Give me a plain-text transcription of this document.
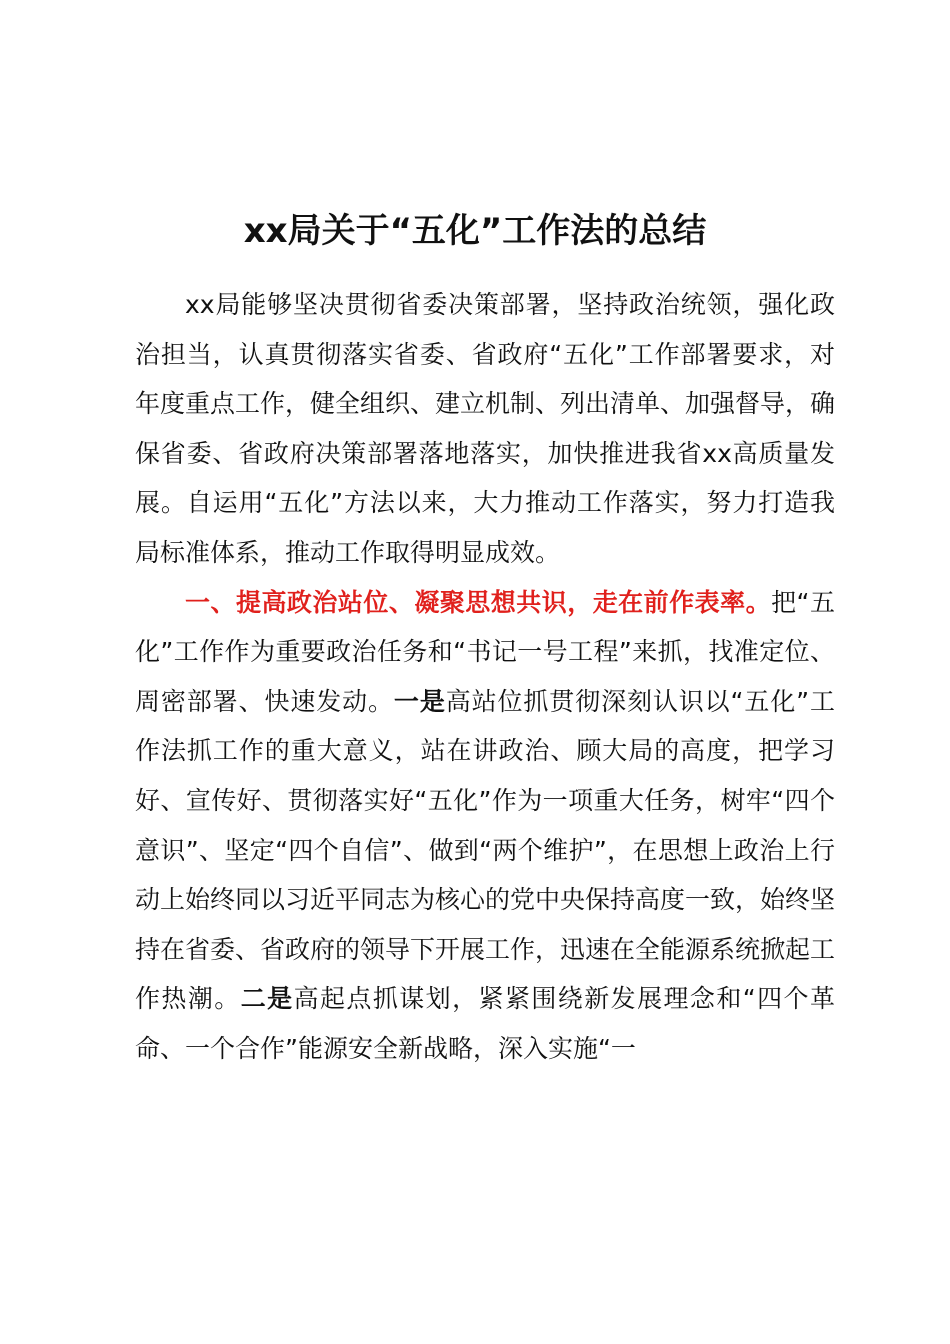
xx局关于“五化”工作法的总结

xx局能够坚决贯彻省委决策部署，坚持政治统领，强化政治担当，认真贯彻落实省委、省政府“五化”工作部署要求，对年度重点工作，健全组织、建立机制、列出清单、加强督导，确保省委、省政府决策部署落地落实，加快推进我省xx高质量发展。自运用“五化”方法以来，大力推动工作落实，努力打造我局标准体系，推动工作取得明显成效。

一、提高政治站位、凝聚思想共识，走在前作表率。把“五化”工作作为重要政治任务和“书记一号工程”来抓，找准定位、周密部署、快速发动。一是高站位抓贯彻深刻认识以“五化”工作法抓工作的重大意义，站在讲政治、顾大局的高度，把学习好、宣传好、贯彻落实好“五化”作为一项重大任务，树牢“四个意识”、坚定“四个自信”、做到“两个维护”，在思想上政治上行动上始终同以习近平同志为核心的党中央保持高度一致，始终坚持在省委、省政府的领导下开展工作，迅速在全能源系统掀起工作热潮。二是高起点抓谋划，紧紧围绕新发展理念和“四个革命、一个合作”能源安全新战略，深入实施“一
